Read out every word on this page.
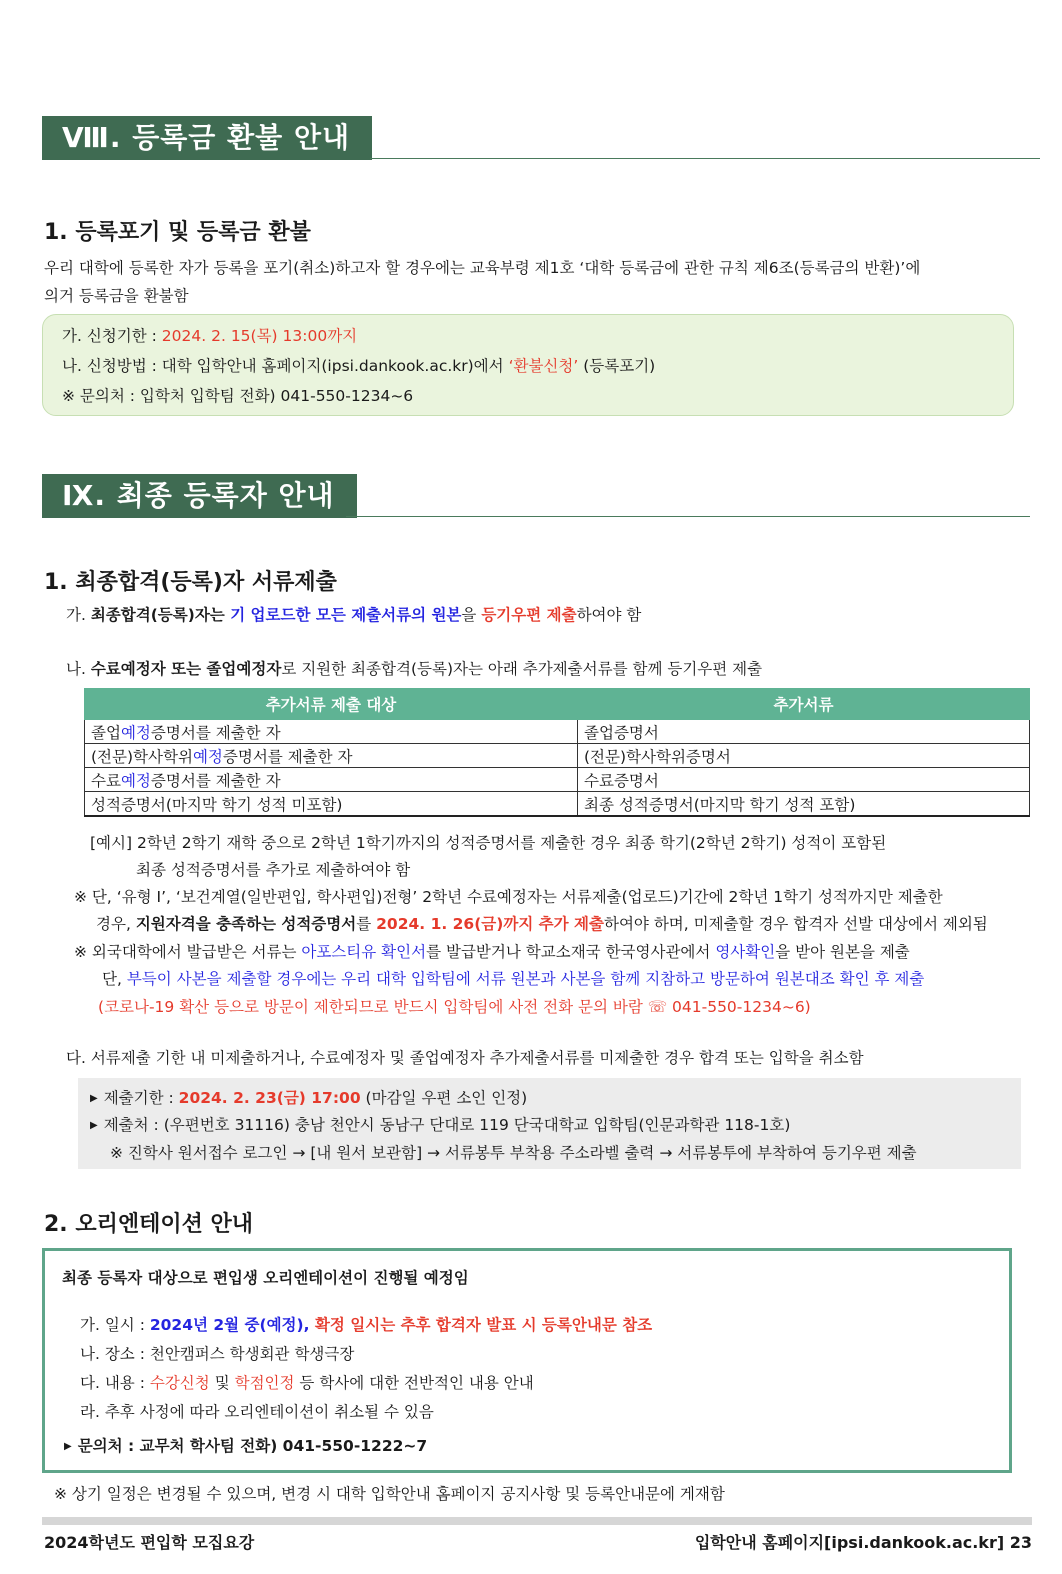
Ⅷ. 등록금 환불 안내
1. 등록포기 및 등록금 환불
우리 대학에 등록한 자가 등록을 포기(취소)하고자 할 경우에는 교육부령 제1호 ‘대학 등록금에 관한 규칙 제6조(등록금의 반환)’에
의거 등록금을 환불함
가. 신청기한 : 2024. 2. 15(목) 13:00까지
나. 신청방법 : 대학 입학안내 홈페이지(ipsi.dankook.ac.kr)에서 ‘환불신청’ (등록포기)
※ 문의처 : 입학처 입학팀 전화) 041-550-1234~6
Ⅸ. 최종 등록자 안내
1. 최종합격(등록)자 서류제출
가. 최종합격(등록)자는 기 업로드한 모든 제출서류의 원본을 등기우편 제출하여야 함
나. 수료예정자 또는 졸업예정자로 지원한 최종합격(등록)자는 아래 추가제출서류를 함께 등기우편 제출
추가서류 제출 대상	추가서류
졸업예정증명서를 제출한 자	졸업증명서
(전문)학사학위예정증명서를 제출한 자	(전문)학사학위증명서
수료예정증명서를 제출한 자	수료증명서
성적증명서(마지막 학기 성적 미포함)	최종 성적증명서(마지막 학기 성적 포함)
[예시] 2학년 2학기 재학 중으로 2학년 1학기까지의 성적증명서를 제출한 경우 최종 학기(2학년 2학기) 성적이 포함된
최종 성적증명서를 추가로 제출하여야 함
※ 단, ‘유형 Ⅰ’, ‘보건계열(일반편입, 학사편입)전형’ 2학년 수료예정자는 서류제출(업로드)기간에 2학년 1학기 성적까지만 제출한
경우, 지원자격을 충족하는 성적증명서를 2024. 1. 26(금)까지 추가 제출하여야 하며, 미제출할 경우 합격자 선발 대상에서 제외됨
※ 외국대학에서 발급받은 서류는 아포스티유 확인서를 발급받거나 학교소재국 한국영사관에서 영사확인을 받아 원본을 제출
단, 부득이 사본을 제출할 경우에는 우리 대학 입학팀에 서류 원본과 사본을 함께 지참하고 방문하여 원본대조 확인 후 제출
(코로나-19 확산 등으로 방문이 제한되므로 반드시 입학팀에 사전 전화 문의 바람 ☏ 041-550-1234~6)
다. 서류제출 기한 내 미제출하거나, 수료예정자 및 졸업예정자 추가제출서류를 미제출한 경우 합격 또는 입학을 취소함
▶ 제출기한 : 2024. 2. 23(금) 17:00 (마감일 우편 소인 인정)
▶ 제출처 : (우편번호 31116) 충남 천안시 동남구 단대로 119 단국대학교 입학팀(인문과학관 118-1호)
※ 진학사 원서접수 로그인 → [내 원서 보관함] → 서류봉투 부착용 주소라벨 출력 → 서류봉투에 부착하여 등기우편 제출
2. 오리엔테이션 안내
최종 등록자 대상으로 편입생 오리엔테이션이 진행될 예정임
가. 일시 : 2024년 2월 중(예정), 확정 일시는 추후 합격자 발표 시 등록안내문 참조
나. 장소 : 천안캠퍼스 학생회관 학생극장
다. 내용 : 수강신청 및 학점인정 등 학사에 대한 전반적인 내용 안내
라. 추후 사정에 따라 오리엔테이션이 취소될 수 있음
▶ 문의처 : 교무처 학사팀 전화) 041-550-1222~7
※ 상기 일정은 변경될 수 있으며, 변경 시 대학 입학안내 홈페이지 공지사항 및 등록안내문에 게재함
2024학년도 편입학 모집요강	입학안내 홈페이지[ipsi.dankook.ac.kr] 23
